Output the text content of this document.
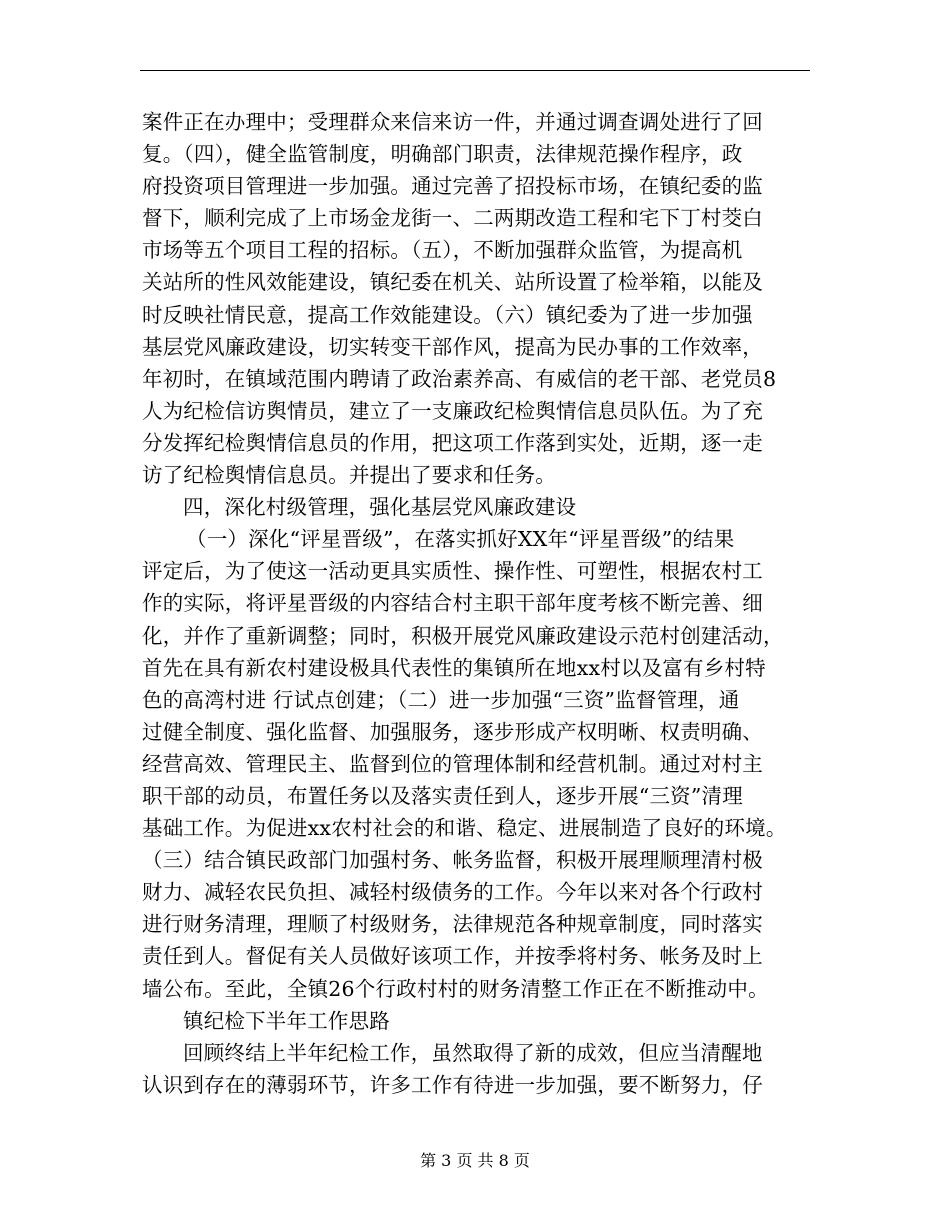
案件正在办理中；受理群众来信来访一件，并通过调查调处进行了回
复。（四），健全监管制度，明确部门职责，法律规范操作程序，政
府投资项目管理进一步加强。通过完善了招投标市场，在镇纪委的监
督下，顺利完成了上市场金龙街一、二两期改造工程和宅下丁村茭白
市场等五个项目工程的招标。（五），不断加强群众监管，为提高机
关站所的性风效能建设，镇纪委在机关、站所设置了检举箱，以能及
时反映社情民意，提高工作效能建设。（六）镇纪委为了进一步加强
基层党风廉政建设，切实转变干部作风，提高为民办事的工作效率，
年初时，在镇域范围内聘请了政治素养高、有威信的老干部、老党员8
人为纪检信访舆情员，建立了一支廉政纪检舆情信息员队伍。为了充
分发挥纪检舆情信息员的作用，把这项工作落到实处，近期，逐一走
访了纪检舆情信息员。并提出了要求和任务。
四，深化村级管理，强化基层党风廉政建设
（一）深化“评星晋级”，在落实抓好XX年“评星晋级”的结果
评定后，为了使这一活动更具实质性、操作性、可塑性，根据农村工
作的实际，将评星晋级的内容结合村主职干部年度考核不断完善、细
化，并作了重新调整；同时，积极开展党风廉政建设示范村创建活动，
首先在具有新农村建设极具代表性的集镇所在地xx村以及富有乡村特
色的高湾村进 行试点创建；（二）进一步加强“三资”监督管理，通
过健全制度、强化监督、加强服务，逐步形成产权明晰、权责明确、
经营高效、管理民主、监督到位的管理体制和经营机制。通过对村主
职干部的动员，布置任务以及落实责任到人，逐步开展“三资”清理
基础工作。为促进xx农村社会的和谐、稳定、进展制造了良好的环境。
（三）结合镇民政部门加强村务、帐务监督，积极开展理顺理清村极
财力、减轻农民负担、减轻村级债务的工作。今年以来对各个行政村
进行财务清理，理顺了村级财务，法律规范各种规章制度，同时落实
责任到人。督促有关人员做好该项工作，并按季将村务、帐务及时上
墙公布。至此，全镇26个行政村村的财务清整工作正在不断推动中。
镇纪检下半年工作思路
回顾终结上半年纪检工作，虽然取得了新的成效，但应当清醒地
认识到存在的薄弱环节，许多工作有待进一步加强，要不断努力，仔
第 3 页 共 8 页
